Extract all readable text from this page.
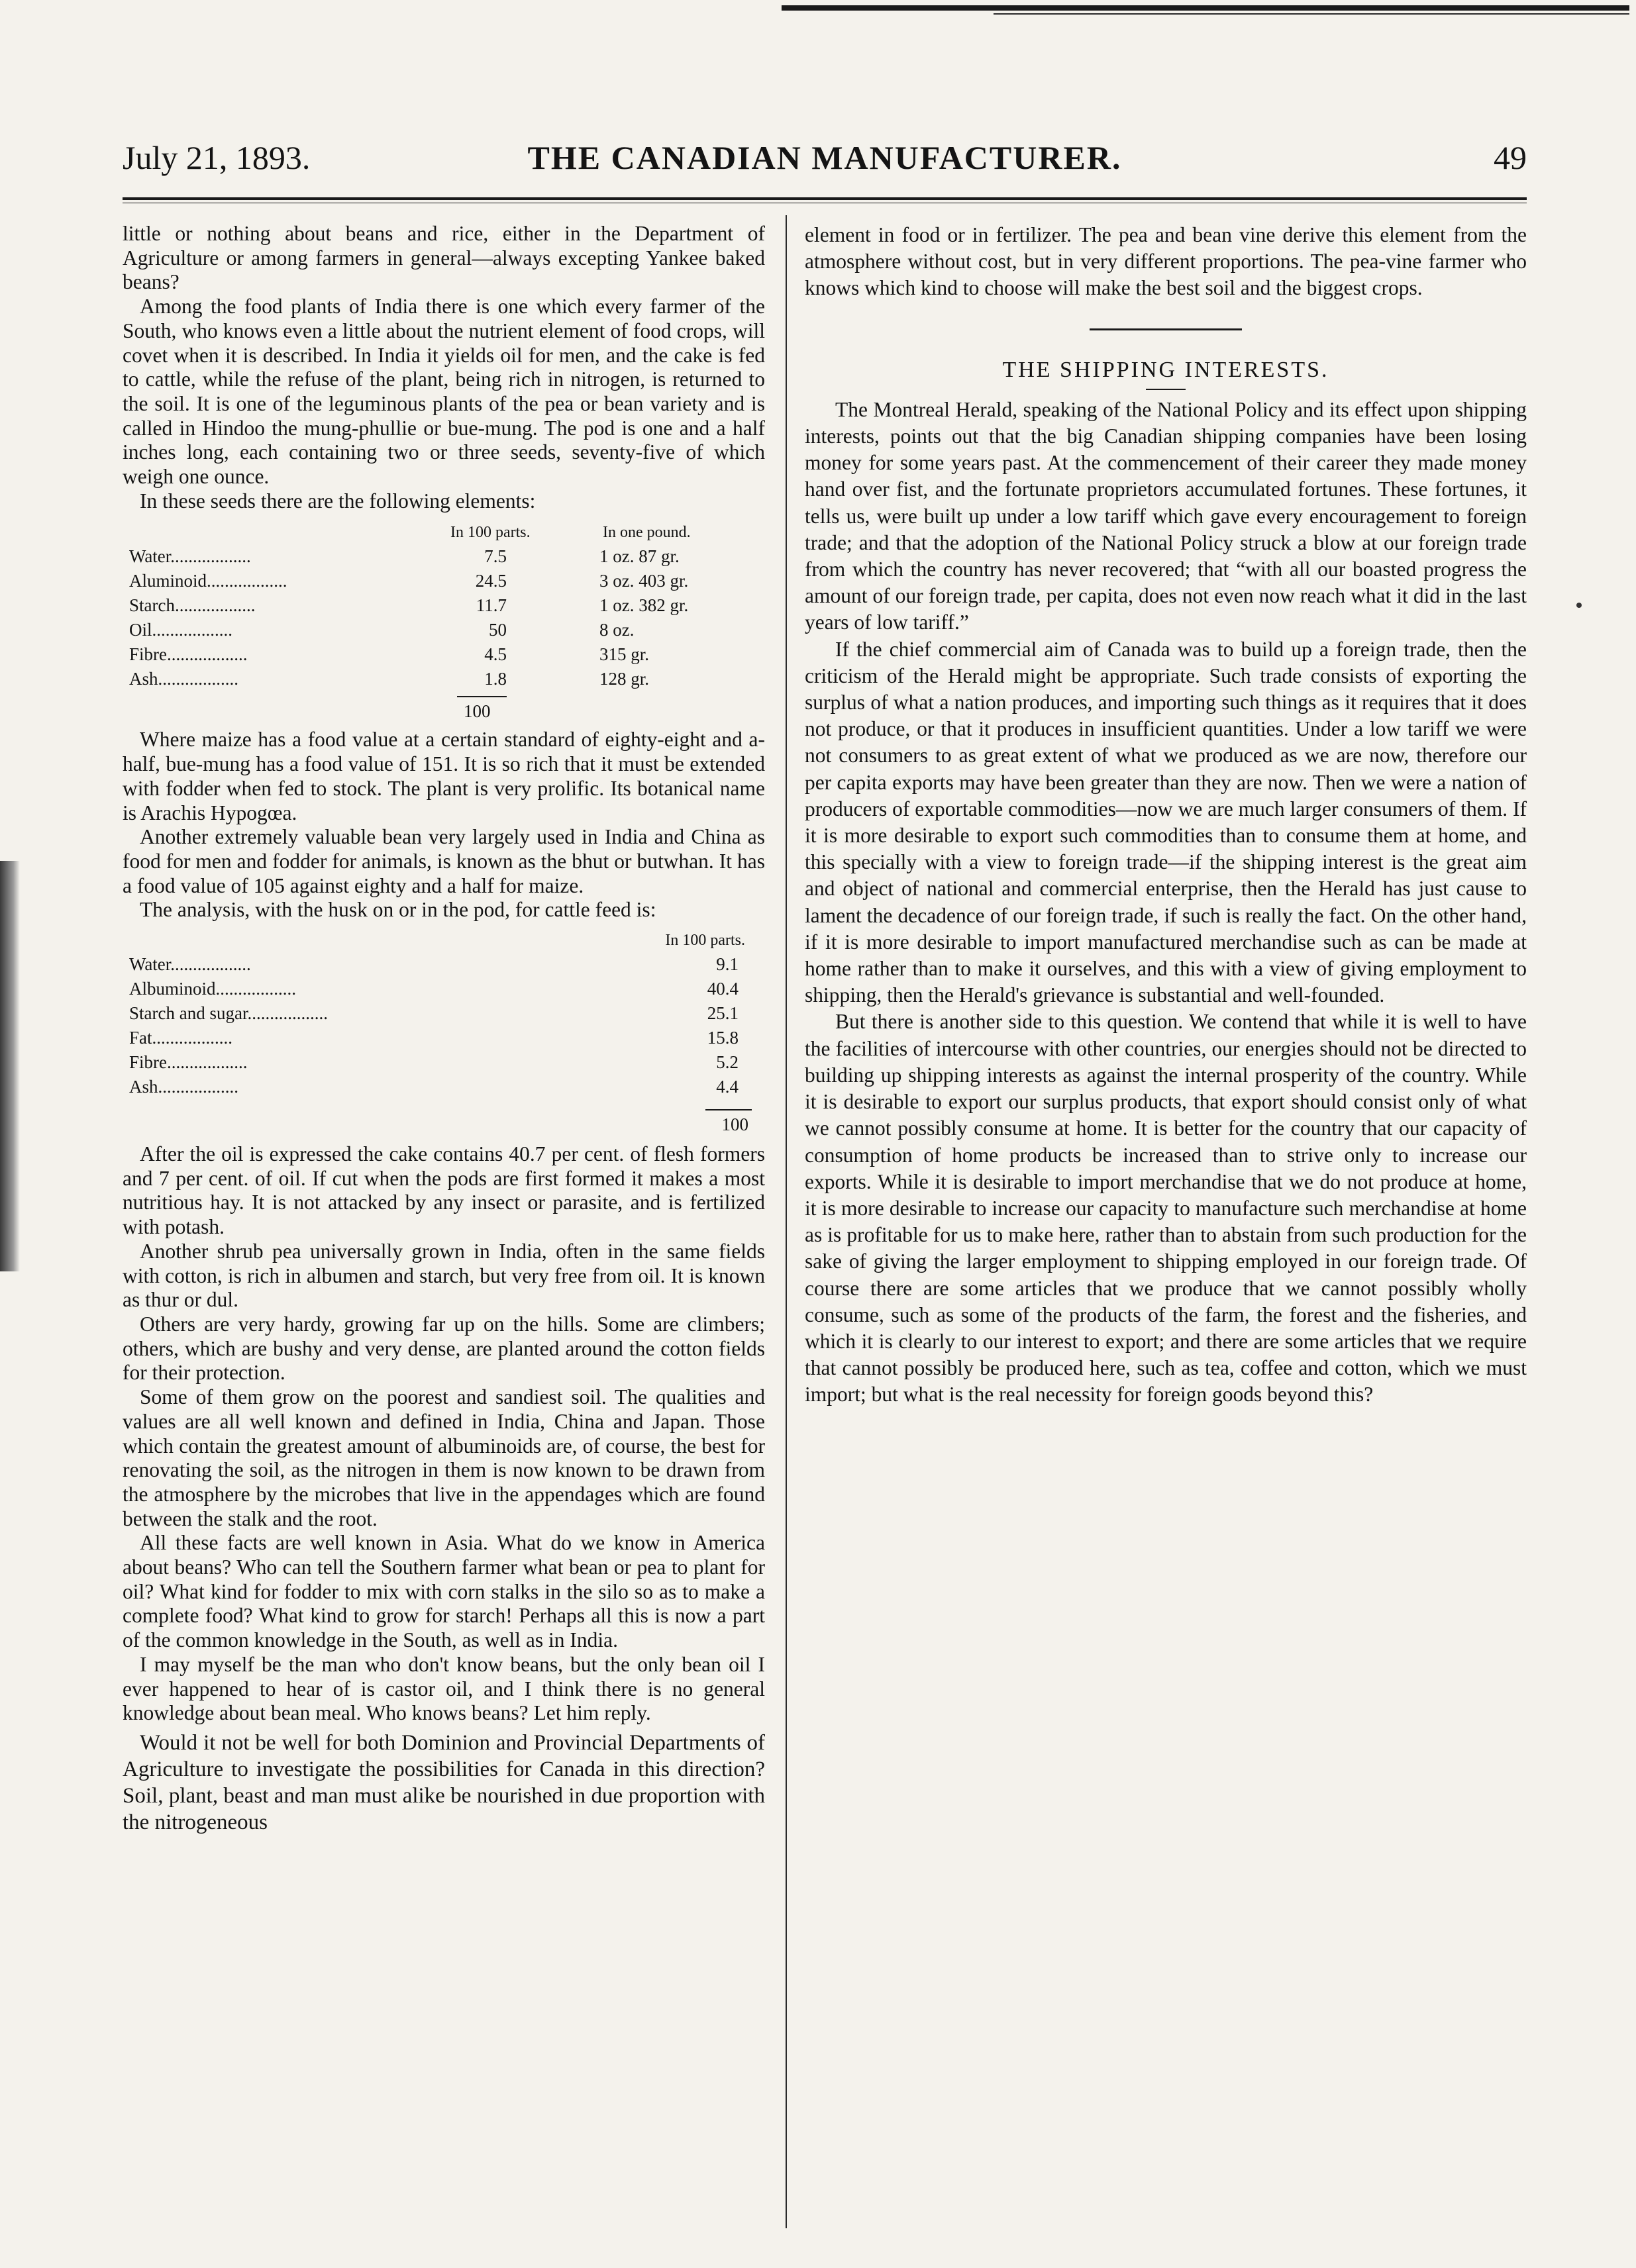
July 21, 1893.	THE CANADIAN MANUFACTURER.	49

little or nothing about beans and rice, either in the Department of Agriculture or among farmers in general—always excepting Yankee baked beans?

Among the food plants of India there is one which every farmer of the South, who knows even a little about the nutrient element of food crops, will covet when it is described. In India it yields oil for men, and the cake is fed to cattle, while the refuse of the plant, being rich in nitrogen, is returned to the soil. It is one of the leguminous plants of the pea or bean variety and is called in Hindoo the mung-phullie or bue-mung. The pod is one and a half inches long, each containing two or three seeds, seventy-five of which weigh one ounce.

In these seeds there are the following elements:

In 100 parts.	In one pound.
Water..................	7.5	1 oz. 87 gr.
Aluminoid..................	24.5	3 oz. 403 gr.
Starch..................	11.7	1 oz. 382 gr.
Oil..................	50	8 oz.
Fibre..................	4.5	315 gr.
Ash..................	1.8	128 gr.
100

Where maize has a food value at a certain standard of eighty-eight and a-half, bue-mung has a food value of 151. It is so rich that it must be extended with fodder when fed to stock. The plant is very prolific. Its botanical name is Arachis Hypogœa.

Another extremely valuable bean very largely used in India and China as food for men and fodder for animals, is known as the bhut or butwhan. It has a food value of 105 against eighty and a half for maize.

The analysis, with the husk on or in the pod, for cattle feed is:

In 100 parts.
Water..................	9.1
Albuminoid..................	40.4
Starch and sugar..................	25.1
Fat..................	15.8
Fibre..................	5.2
Ash..................	4.4
100

After the oil is expressed the cake contains 40.7 per cent. of flesh formers and 7 per cent. of oil. If cut when the pods are first formed it makes a most nutritious hay. It is not attacked by any insect or parasite, and is fertilized with potash.

Another shrub pea universally grown in India, often in the same fields with cotton, is rich in albumen and starch, but very free from oil. It is known as thur or dul.

Others are very hardy, growing far up on the hills. Some are climbers; others, which are bushy and very dense, are planted around the cotton fields for their protection.

Some of them grow on the poorest and sandiest soil. The qualities and values are all well known and defined in India, China and Japan. Those which contain the greatest amount of albuminoids are, of course, the best for renovating the soil, as the nitrogen in them is now known to be drawn from the atmosphere by the microbes that live in the appendages which are found between the stalk and the root.

All these facts are well known in Asia. What do we know in America about beans? Who can tell the Southern farmer what bean or pea to plant for oil? What kind for fodder to mix with corn stalks in the silo so as to make a complete food? What kind to grow for starch! Perhaps all this is now a part of the common knowledge in the South, as well as in India.

I may myself be the man who don't know beans, but the only bean oil I ever happened to hear of is castor oil, and I think there is no general knowledge about bean meal. Who knows beans? Let him reply.

Would it not be well for both Dominion and Provincial Departments of Agriculture to investigate the possibilities for Canada in this direction? Soil, plant, beast and man must alike be nourished in due proportion with the nitrogeneous

element in food or in fertilizer. The pea and bean vine derive this element from the atmosphere without cost, but in very different proportions. The pea-vine farmer who knows which kind to choose will make the best soil and the biggest crops.

THE SHIPPING INTERESTS.

The Montreal Herald, speaking of the National Policy and its effect upon shipping interests, points out that the big Canadian shipping companies have been losing money for some years past. At the commencement of their career they made money hand over fist, and the fortunate proprietors accumulated fortunes. These fortunes, it tells us, were built up under a low tariff which gave every encouragement to foreign trade; and that the adoption of the National Policy struck a blow at our foreign trade from which the country has never recovered; that “with all our boasted progress the amount of our foreign trade, per capita, does not even now reach what it did in the last years of low tariff.”

If the chief commercial aim of Canada was to build up a foreign trade, then the criticism of the Herald might be appropriate. Such trade consists of exporting the surplus of what a nation produces, and importing such things as it requires that it does not produce, or that it produces in insufficient quantities. Under a low tariff we were not consumers to as great extent of what we produced as we are now, therefore our per capita exports may have been greater than they are now. Then we were a nation of producers of exportable commodities—now we are much larger consumers of them. If it is more desirable to export such commodities than to consume them at home, and this specially with a view to foreign trade—if the shipping interest is the great aim and object of national and commercial enterprise, then the Herald has just cause to lament the decadence of our foreign trade, if such is really the fact. On the other hand, if it is more desirable to import manufactured merchandise such as can be made at home rather than to make it ourselves, and this with a view of giving employment to shipping, then the Herald's grievance is substantial and well-founded.

But there is another side to this question. We contend that while it is well to have the facilities of intercourse with other countries, our energies should not be directed to building up shipping interests as against the internal prosperity of the country. While it is desirable to export our surplus products, that export should consist only of what we cannot possibly consume at home. It is better for the country that our capacity of consumption of home products be increased than to strive only to increase our exports. While it is desirable to import merchandise that we do not produce at home, it is more desirable to increase our capacity to manufacture such merchandise at home as is profitable for us to make here, rather than to abstain from such production for the sake of giving the larger employment to shipping employed in our foreign trade. Of course there are some articles that we produce that we cannot possibly wholly consume, such as some of the products of the farm, the forest and the fisheries, and which it is clearly to our interest to export; and there are some articles that we require that cannot possibly be produced here, such as tea, coffee and cotton, which we must import; but what is the real necessity for foreign goods beyond this?
